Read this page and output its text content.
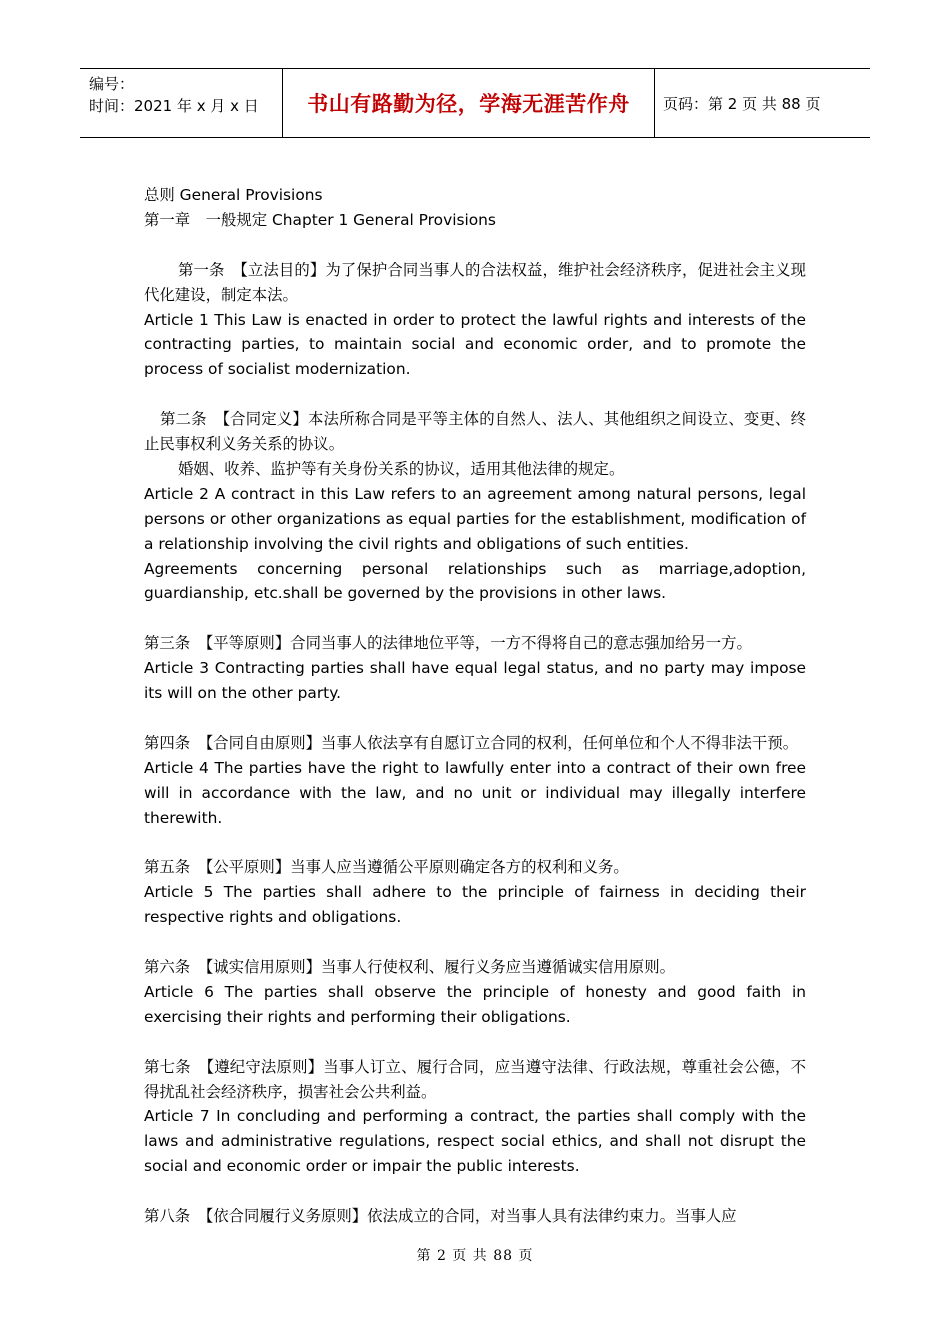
编号：
时间：2021 年 x 月 x 日	书山有路勤为径，学海无涯苦作舟	页码：第 2 页 共 88 页

总则 General Provisions

第一章　一般规定 Chapter 1 General Provisions

第一条　【立法目的】为了保护合同当事人的合法权益，维护社会经济秩序，促进社会主义现代化建设，制定本法。

Article 1 This Law is enacted in order to protect the lawful rights and interests of the contracting parties, to maintain social and economic order, and to promote the process of socialist modernization.

第二条　【合同定义】本法所称合同是平等主体的自然人、法人、其他组织之间设立、变更、终止民事权利义务关系的协议。

婚姻、收养、监护等有关身份关系的协议，适用其他法律的规定。

Article 2 A contract in this Law refers to an agreement among natural persons, legal persons or other organizations as equal parties for the establishment, modification of a relationship involving the civil rights and obligations of such entities.

Agreements concerning personal relationships such as marriage,adoption, guardianship, etc.shall be governed by the provisions in other laws.

第三条　【平等原则】合同当事人的法律地位平等，一方不得将自己的意志强加给另一方。

Article 3 Contracting parties shall have equal legal status, and no party may impose its will on the other party.

第四条　【合同自由原则】当事人依法享有自愿订立合同的权利，任何单位和个人不得非法干预。

Article 4 The parties have the right to lawfully enter into a contract of their own free will in accordance with the law, and no unit or individual may illegally interfere therewith.

第五条　【公平原则】当事人应当遵循公平原则确定各方的权利和义务。

Article 5 The parties shall adhere to the principle of fairness in deciding their respective rights and obligations.

第六条　【诚实信用原则】当事人行使权利、履行义务应当遵循诚实信用原则。

Article 6 The parties shall observe the principle of honesty and good faith in exercising their rights and performing their obligations.

第七条　【遵纪守法原则】当事人订立、履行合同，应当遵守法律、行政法规，尊重社会公德，不得扰乱社会经济秩序，损害社会公共利益。

Article 7 In concluding and performing a contract, the parties shall comply with the laws and administrative regulations, respect social ethics, and shall not disrupt the social and economic order or impair the public interests.

第八条　【依合同履行义务原则】依法成立的合同，对当事人具有法律约束力。当事人应

第 2 页 共 88 页
